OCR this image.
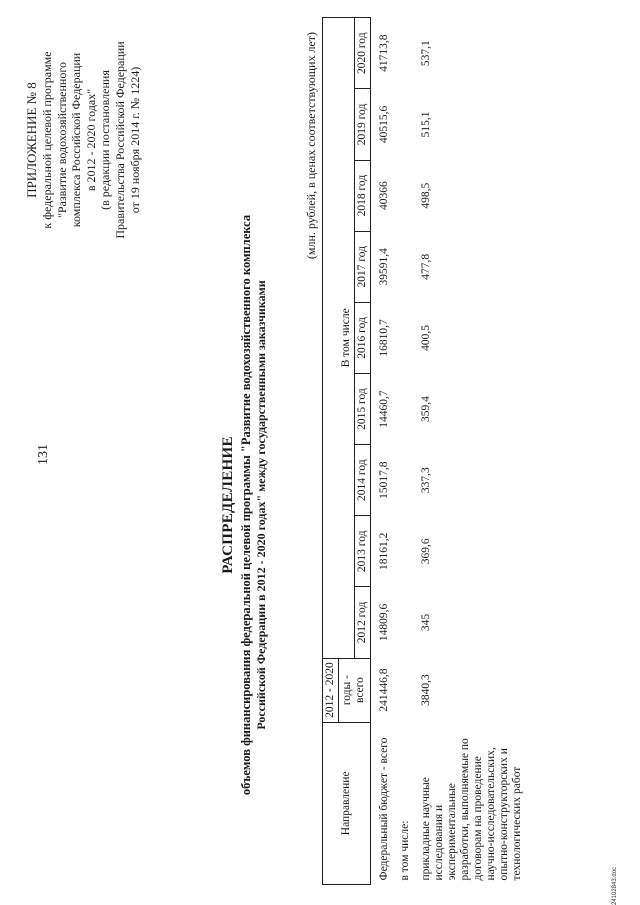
131
ПРИЛОЖЕНИЕ № 8 к федеральной целевой программе "Развитие водохозяйственного комплекса Российской Федерации в 2012 - 2020 годах" (в редакции постановления Правительства Российской Федерации от 19 ноября 2014 г. № 1224)
РАСПРЕДЕЛЕНИЕ объемов финансирования федеральной целевой программы "Развитие водохозяйственного комплекса Российской Федерации в 2012 - 2020 годах" между государственными заказчиками
(млн. рублей, в ценах соответствующих лет)
Направление	2012 - 2020									
	годы - всего	В том числе								
		2012 год	2013 год	2014 год	2015 год	2016 год	2017 год	2018 год	2019 год	2020 год
Федеральный бюджет - всего	241446,8	14809,6	18161,2	15017,8	14460,7	16810,7	39591,4	40366	40515,6	41713,8
в том числе:										
прикладные научные исследования и экспериментальные разработки, выполняемые по договорам на проведение научно-исследовательских, опытно-конструкторских и технологических работ	3840,3	345	369,6	337,3	359,4	400,5	477,8	498,5	515,1	537,1
24102843.doc
